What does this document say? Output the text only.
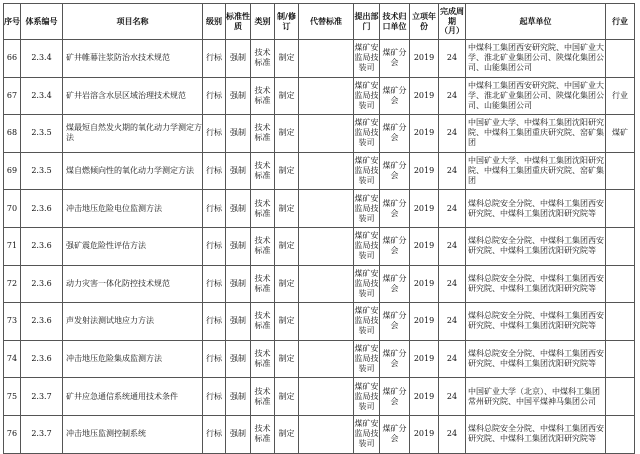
序号	体系编号	项目名称	级别	标准性质	类别	制/修订	代替标准	提出部门	技术归口单位	立项年份	完成周期（月）	起草单位	行业
66	2.3.4	矿井帷幕注浆防治水技术规范	行标	强制	技术标准	制定		煤矿安监局技装司	煤矿分会	2019	24	中煤科工集团西安研究院、中国矿业大学、淮北矿业集团公司、陕煤化集团公司、山能集团公司	
67	2.3.4	矿井岩溶含水层区域治理技术规范	行标	强制	技术标准	制定		煤矿安监局技装司	煤矿分会	2019	24	中煤科工集团西安研究院、中国矿业大学、淮北矿业集团公司、陕煤化集团公司、山能集团公司	行业
68	2.3.5	煤最短自然发火期的氧化动力学测定方法	行标	强制	技术标准	制定		煤矿安监局技装司	煤矿分会	2019	24	中国矿业大学、中煤科工集团沈阳研究院、中煤科工集团重庆研究院、窑矿集团	煤矿
69	2.3.5	煤自燃倾向性的氧化动力学测定方法	行标	强制	技术标准	制定		煤矿安监局技装司	煤矿分会	2019	24	中国矿业大学、中煤科工集团沈阳研究院、中煤科工集团重庆研究院、窑矿集团	
70	2.3.6	冲击地压危险电位监测方法	行标	强制	技术标准	制定		煤矿安监局技装司	煤矿分会	2019	24	煤科总院安全分院、中煤科工集团西安研究院、中煤科工集团沈阳研究院等	
71	2.3.6	强矿震危险性评估方法	行标	强制	技术标准	制定		煤矿安监局技装司	煤矿分会	2019	24	煤科总院安全分院、中煤科工集团西安研究院、中煤科工集团沈阳研究院等	
72	2.3.6	动力灾害一体化防控技术规范	行标	强制	技术标准	制定		煤矿安监局技装司	煤矿分会	2019	24	煤科总院安全分院、中煤科工集团西安研究院、中煤科工集团沈阳研究院等	
73	2.3.6	声发射法测试地应力方法	行标	强制	技术标准	制定		煤矿安监局技装司	煤矿分会	2019	24	煤科总院安全分院、中煤科工集团西安研究院、中煤科工集团沈阳研究院等	
74	2.3.6	冲击地压危险集成监测方法	行标	强制	技术标准	制定		煤矿安监局技装司	煤矿分会	2019	24	煤科总院安全分院、中煤科工集团西安研究院、中煤科工集团沈阳研究院等	
75	2.3.7	矿井应急通信系统通用技术条件	行标	强制	技术标准	制定		煤矿安监局技装司	煤矿分会	2019	24	中国矿业大学（北京）、中煤科工集团常州研究院、中国平煤神马集团公司	
76	2.3.7	冲击地压监测控制系统	行标	强制	技术标准	制定		煤矿安监局技装司	煤矿分会	2019	24	煤科总院安全分院、中煤科工集团西安研究院、中煤科工集团沈阳研究院等	
